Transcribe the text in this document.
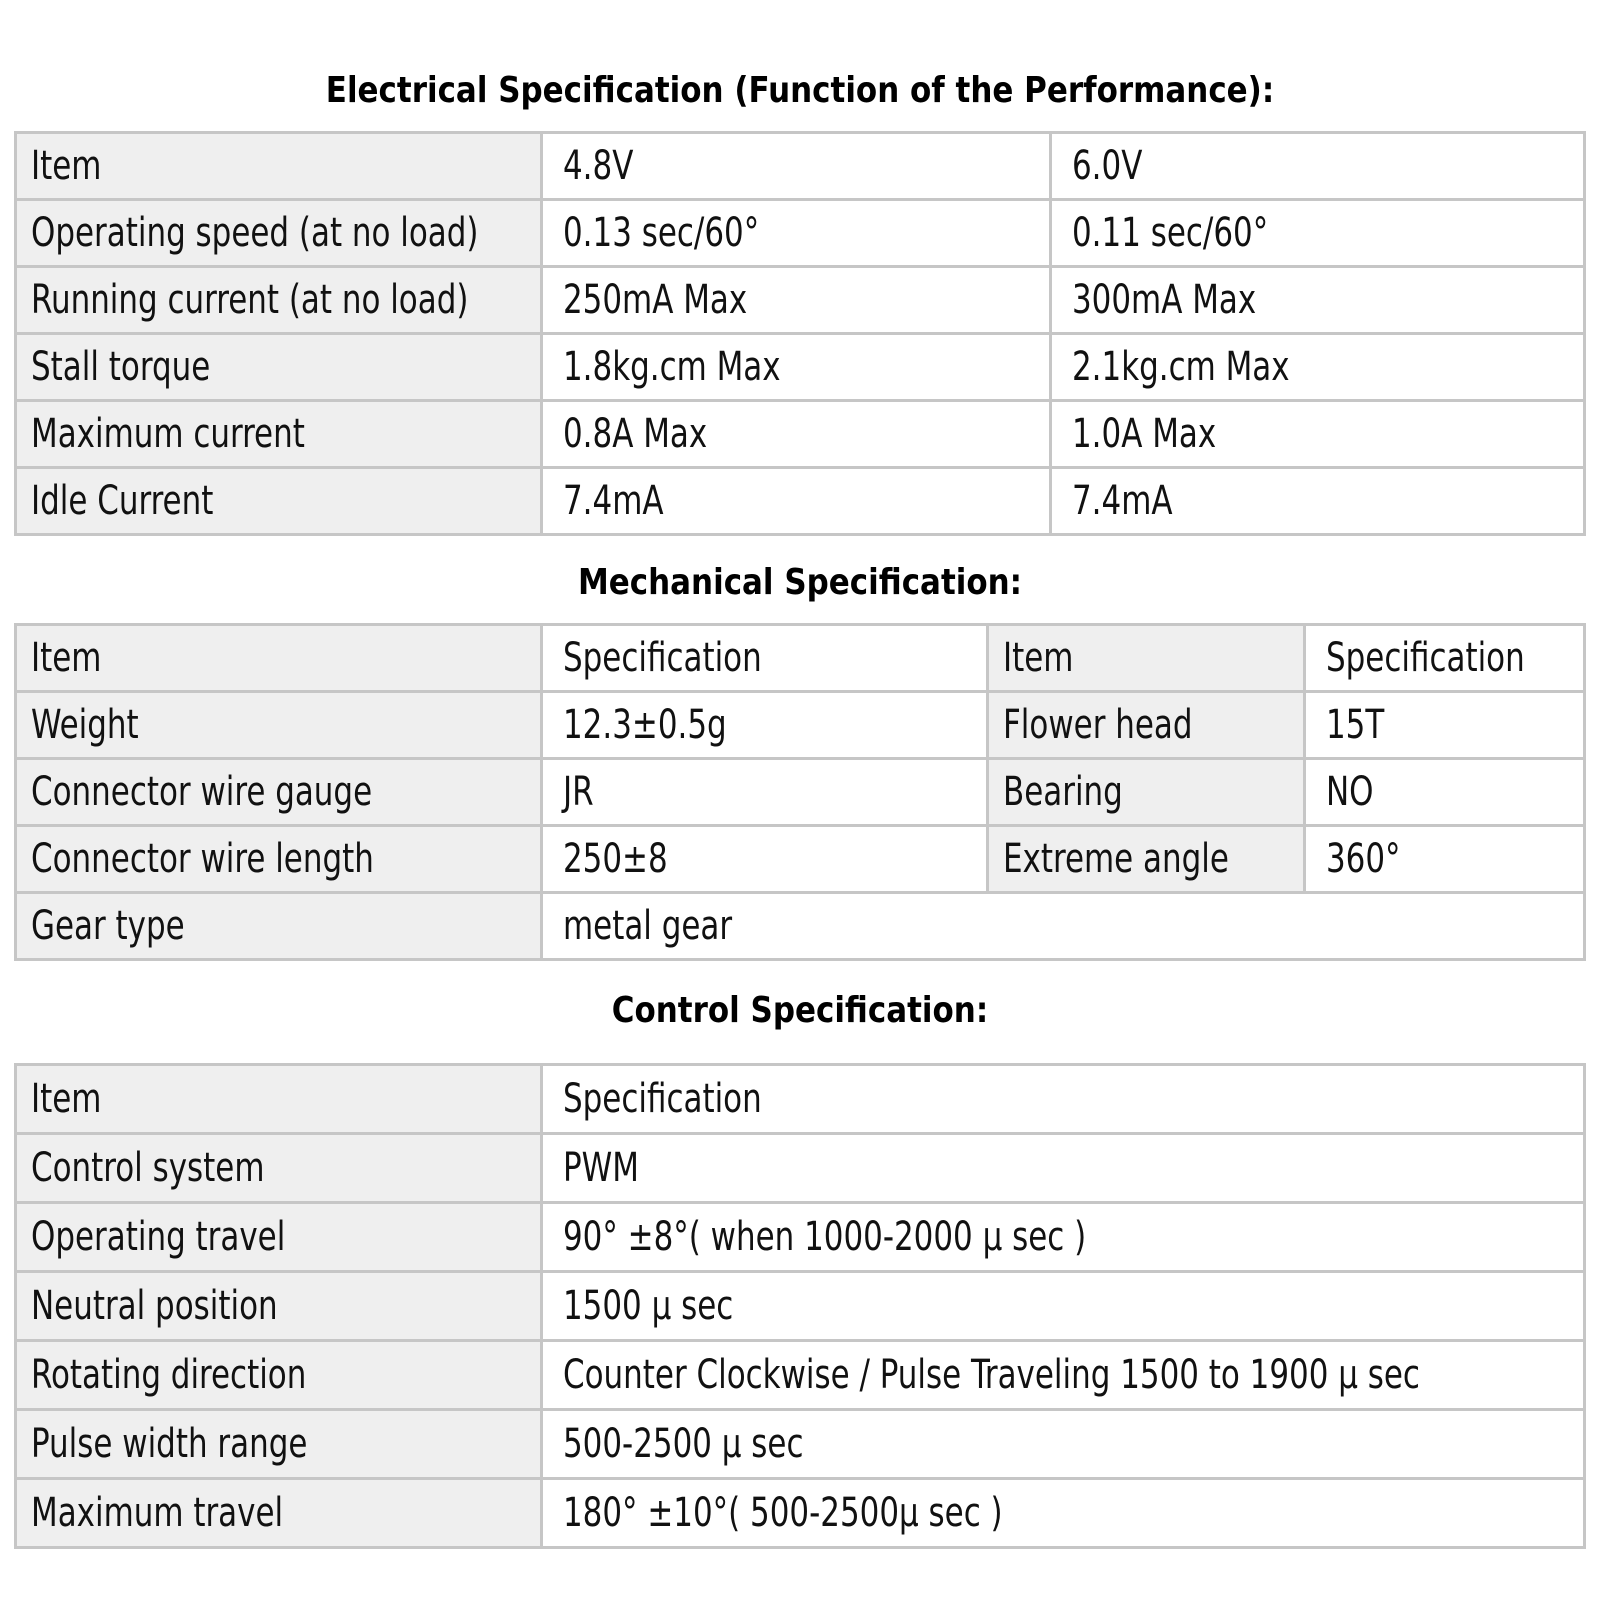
Electrical Specification (Function of the Performance):
Item	4.8V	6.0V
Operating speed (at no load)	0.13 sec/60°	0.11 sec/60°
Running current (at no load)	250mA Max	300mA Max
Stall torque	1.8kg.cm Max	2.1kg.cm Max
Maximum current	0.8A Max	1.0A Max
Idle Current	7.4mA	7.4mA
Mechanical Specification:
Item	Specification	Item	Specification
Weight	12.3±0.5g	Flower head	15T
Connector wire gauge	JR	Bearing	NO
Connector wire length	250±8	Extreme angle	360°
Gear type	metal gear		
Control Specification:
Item	Specification
Control system	PWM
Operating travel	90° ±8°( when 1000-2000 μ sec )
Neutral position	1500 μ sec
Rotating direction	Counter Clockwise / Pulse Traveling 1500 to 1900 μ sec
Pulse width range	500-2500 μ sec
Maximum travel	180° ±10°( 500-2500μ sec )
